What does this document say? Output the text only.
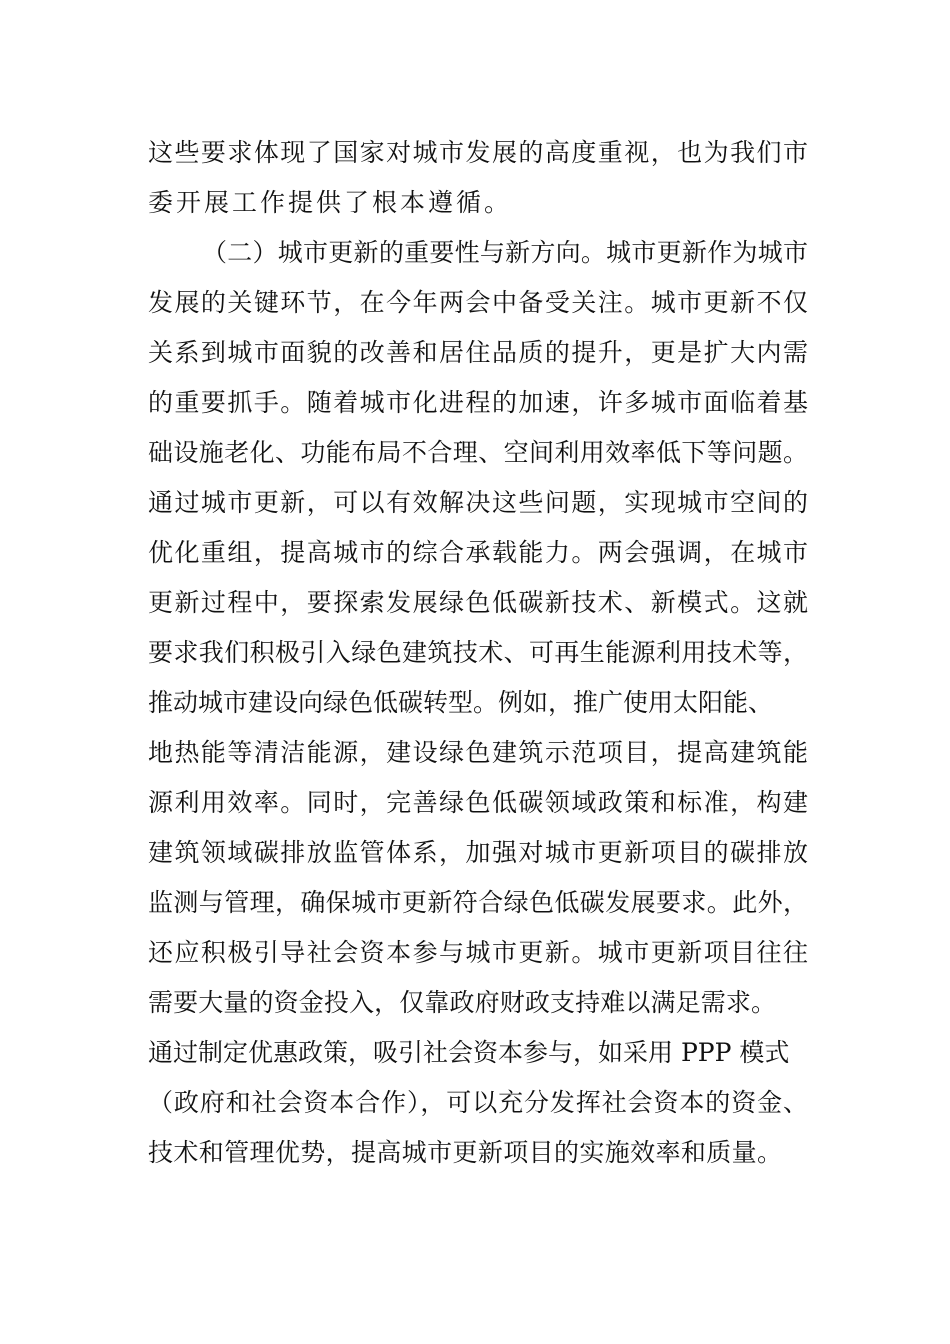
这些要求体现了国家对城市发展的高度重视，也为我们市
委开展工作提供了根本遵循。
（二）城市更新的重要性与新方向。城市更新作为城市
发展的关键环节，在今年两会中备受关注。城市更新不仅
关系到城市面貌的改善和居住品质的提升，更是扩大内需
的重要抓手。随着城市化进程的加速，许多城市面临着基
础设施老化、功能布局不合理、空间利用效率低下等问题。
通过城市更新，可以有效解决这些问题，实现城市空间的
优化重组，提高城市的综合承载能力。两会强调，在城市
更新过程中，要探索发展绿色低碳新技术、新模式。这就
要求我们积极引入绿色建筑技术、可再生能源利用技术等，
推动城市建设向绿色低碳转型。例如，推广使用太阳能、
地热能等清洁能源，建设绿色建筑示范项目，提高建筑能
源利用效率。同时，完善绿色低碳领域政策和标准，构建
建筑领域碳排放监管体系，加强对城市更新项目的碳排放
监测与管理，确保城市更新符合绿色低碳发展要求。此外，
还应积极引导社会资本参与城市更新。城市更新项目往往
需要大量的资金投入，仅靠政府财政支持难以满足需求。
通过制定优惠政策，吸引社会资本参与，如采用 PPP 模式
（政府和社会资本合作），可以充分发挥社会资本的资金、
技术和管理优势，提高城市更新项目的实施效率和质量。
